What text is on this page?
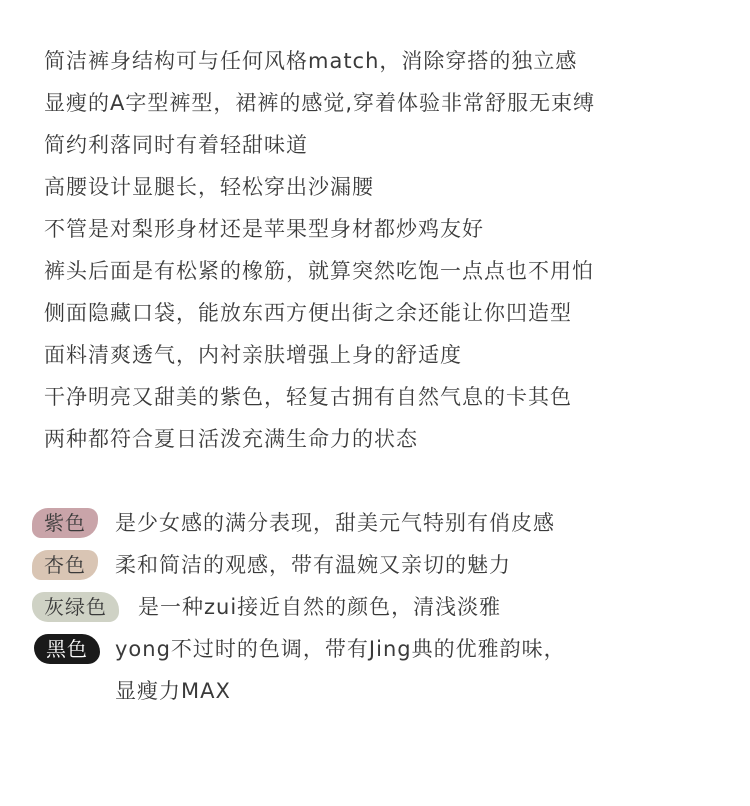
简洁裤身结构可与任何风格match，消除穿搭的独立感
显瘦的A字型裤型，裙裤的感觉,穿着体验非常舒服无束缚
简约利落同时有着轻甜味道
高腰设计显腿长，轻松穿出沙漏腰
不管是对梨形身材还是苹果型身材都炒鸡友好
裤头后面是有松紧的橡筋，就算突然吃饱一点点也不用怕
侧面隐藏口袋，能放东西方便出街之余还能让你凹造型
面料清爽透气，内衬亲肤增强上身的舒适度
干净明亮又甜美的紫色，轻复古拥有自然气息的卡其色
两种都符合夏日活泼充满生命力的状态
紫色	是少女感的满分表现，甜美元气特别有俏皮感
杏色	柔和简洁的观感，带有温婉又亲切的魅力
灰绿色	是一种zui接近自然的颜色，清浅淡雅
黑色	yong不过时的色调，带有Jing典的优雅韵味，
显瘦力MAX
